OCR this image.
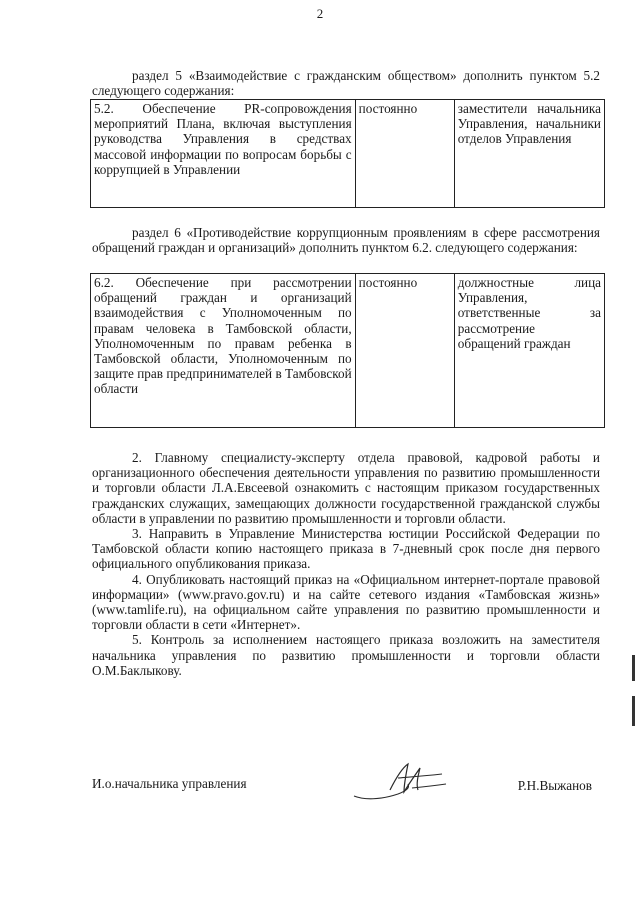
2
раздел 5 «Взаимодействие с гражданским обществом» дополнить пунктом 5.2 следующего содержания:
5.2. Обеспечение PR-сопровождения мероприятий Плана, включая выступления руководства Управления в средствах массовой информации по вопросам борьбы с коррупцией в Управлении	постоянно	заместители начальника Управления, начальники отделов Управления
раздел 6 «Противодействие коррупционным проявлениям в сфере рассмотрения обращений граждан и организаций» дополнить пунктом 6.2. следующего содержания:
6.2. Обеспечение при рассмотрении обращений граждан и организаций взаимодействия с Уполномоченным по правам человека в Тамбовской области, Уполномоченным по правам ребенка в Тамбовской области, Уполномоченным по защите прав предпринимателей в Тамбовской области	постоянно	должностные лица Управления, ответственные за рассмотрение обращений граждан

2. Главному специалисту-эксперту отдела правовой, кадровой работы и организационного обеспечения деятельности управления по развитию промышленности и торговли области Л.А.Евсеевой ознакомить с настоящим приказом государственных гражданских служащих, замещающих должности государственной гражданской службы области в управлении по развитию промышленности и торговли области.

3. Направить в Управление Министерства юстиции Российской Федерации по Тамбовской области копию настоящего приказа в 7-дневный срок после дня первого официального опубликования приказа.

4. Опубликовать настоящий приказ на «Официальном интернет-портале правовой информации» (www.pravo.gov.ru) и на сайте сетевого издания «Тамбовская жизнь» (www.tamlife.ru), на официальном сайте управления по развитию промышленности и торговли области в сети «Интернет».

5. Контроль за исполнением настоящего приказа возложить на заместителя начальника управления по развитию промышленности и торговли области О.М.Баклыкову.

И.о.начальника управления	Р.Н.Выжанов
